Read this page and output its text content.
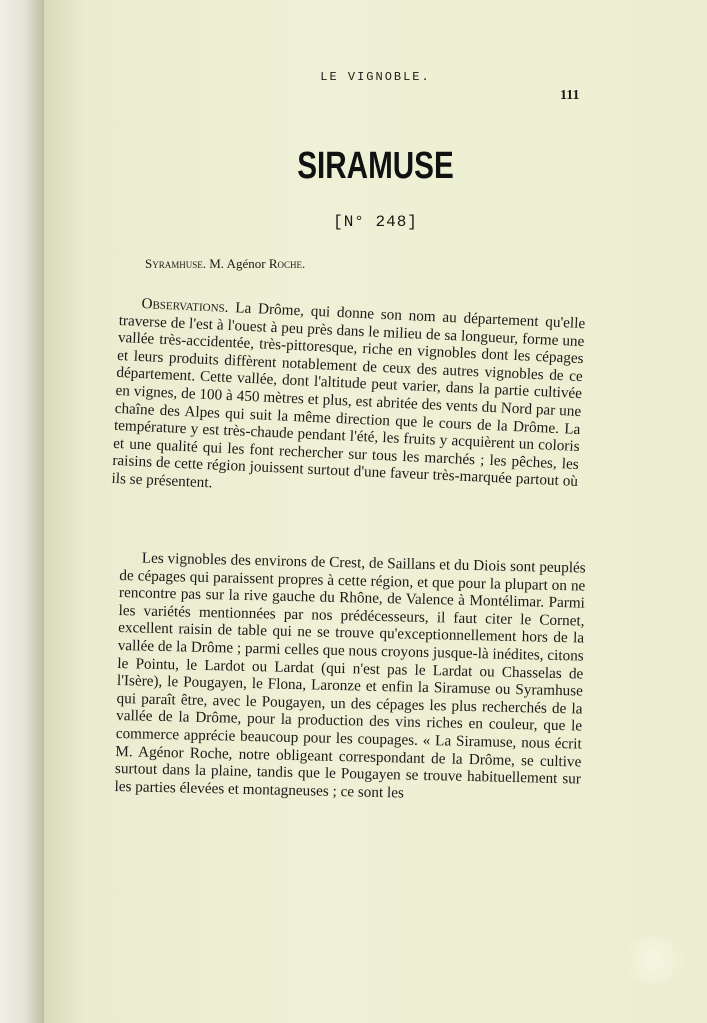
LE VIGNOBLE.
111
SIRAMUSE
[N° 248]
Syramhuse. M. Agénor Roche.

Observations. La Drôme, qui donne son nom au département qu'elle traverse de l'est à l'ouest à peu près dans le milieu de sa longueur, forme une vallée très-accidentée, très-pittoresque, riche en vignobles dont les cépages et leurs produits diffèrent notablement de ceux des autres vignobles de ce département. Cette vallée, dont l'altitude peut varier, dans la partie cultivée en vignes, de 100 à 450 mètres et plus, est abritée des vents du Nord par une chaîne des Alpes qui suit la même direction que le cours de la Drôme. La température y est très-chaude pendant l'été, les fruits y acquièrent un coloris et une qualité qui les font rechercher sur tous les marchés ; les pêches, les raisins de cette région jouissent surtout d'une faveur très-marquée partout où ils se présentent.

Les vignobles des environs de Crest, de Saillans et du Diois sont peuplés de cépages qui paraissent propres à cette région, et que pour la plupart on ne rencontre pas sur la rive gauche du Rhône, de Valence à Montélimar. Parmi les variétés mentionnées par nos prédécesseurs, il faut citer le Cornet, excellent raisin de table qui ne se trouve qu'exceptionnellement hors de la vallée de la Drôme ; parmi celles que nous croyons jusque-là inédites, citons le Pointu, le Lardot ou Lardat (qui n'est pas le Lardat ou Chasselas de l'Isère), le Pougayen, le Flona, Laronze et enfin la Siramuse ou Syramhuse qui paraît être, avec le Pougayen, un des cépages les plus recherchés de la vallée de la Drôme, pour la production des vins riches en couleur, que le commerce apprécie beaucoup pour les coupages. « La Siramuse, nous écrit M. Agénor Roche, notre obligeant correspondant de la Drôme, se cultive surtout dans la plaine, tandis que le Pougayen se trouve habituellement sur les parties élevées et montagneuses ; ce sont les
